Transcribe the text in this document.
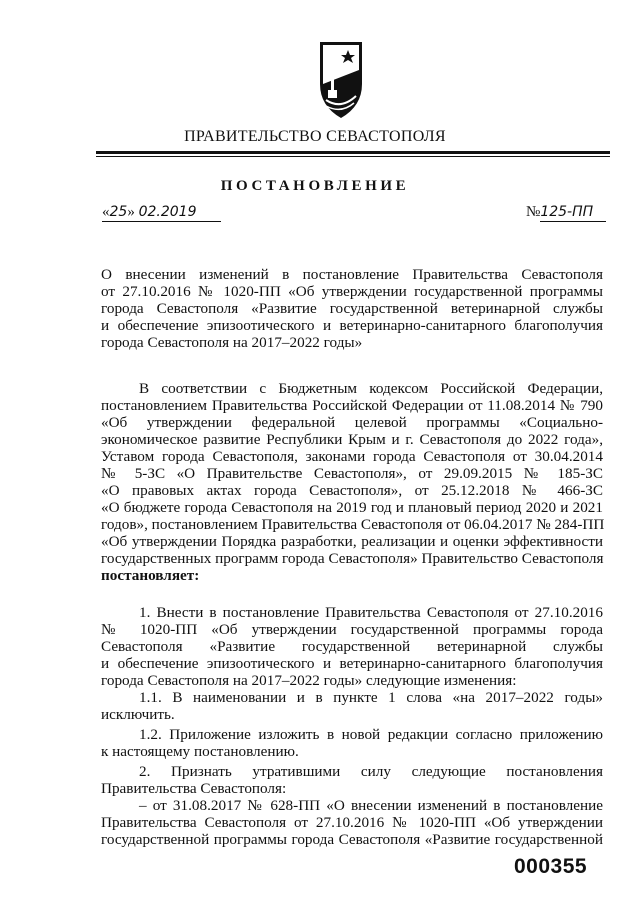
ПРАВИТЕЛЬСТВО СЕВАСТОПОЛЯ
ПОСТАНОВЛЕНИЕ
«25» 02.2019	№125-ПП
О внесении изменений в постановление Правительства Севастополя
от 27.10.2016 № 1020-ПП «Об утверждении государственной программы
города Севастополя «Развитие государственной ветеринарной службы
и обеспечение эпизоотического и ветеринарно-санитарного благополучия
города Севастополя на 2017–2022 годы»
В соответствии с Бюджетным кодексом Российской Федерации,
постановлением Правительства Российской Федерации от 11.08.2014 № 790
«Об утверждении федеральной целевой программы «Социально-
экономическое развитие Республики Крым и г. Севастополя до 2022 года»,
Уставом города Севастополя, законами города Севастополя от 30.04.2014
№ 5-ЗС «О Правительстве Севастополя», от 29.09.2015 № 185-ЗС
«О правовых актах города Севастополя», от 25.12.2018 № 466-ЗС
«О бюджете города Севастополя на 2019 год и плановый период 2020 и 2021
годов», постановлением Правительства Севастополя от 06.04.2017 № 284-ПП
«Об утверждении Порядка разработки, реализации и оценки эффективности
государственных программ города Севастополя» Правительство Севастополя
постановляет:
1. Внести в постановление Правительства Севастополя от 27.10.2016
№ 1020-ПП «Об утверждении государственной программы города
Севастополя «Развитие государственной ветеринарной службы
и обеспечение эпизоотического и ветеринарно-санитарного благополучия
города Севастополя на 2017–2022 годы» следующие изменения:
1.1. В наименовании и в пункте 1 слова «на 2017–2022 годы»
исключить.
1.2. Приложение изложить в новой редакции согласно приложению
к настоящему постановлению.
2. Признать утратившими силу следующие постановления
Правительства Севастополя:
– от 31.08.2017 № 628-ПП «О внесении изменений в постановление
Правительства Севастополя от 27.10.2016 № 1020-ПП «Об утверждении
государственной программы города Севастополя «Развитие государственной
000355
